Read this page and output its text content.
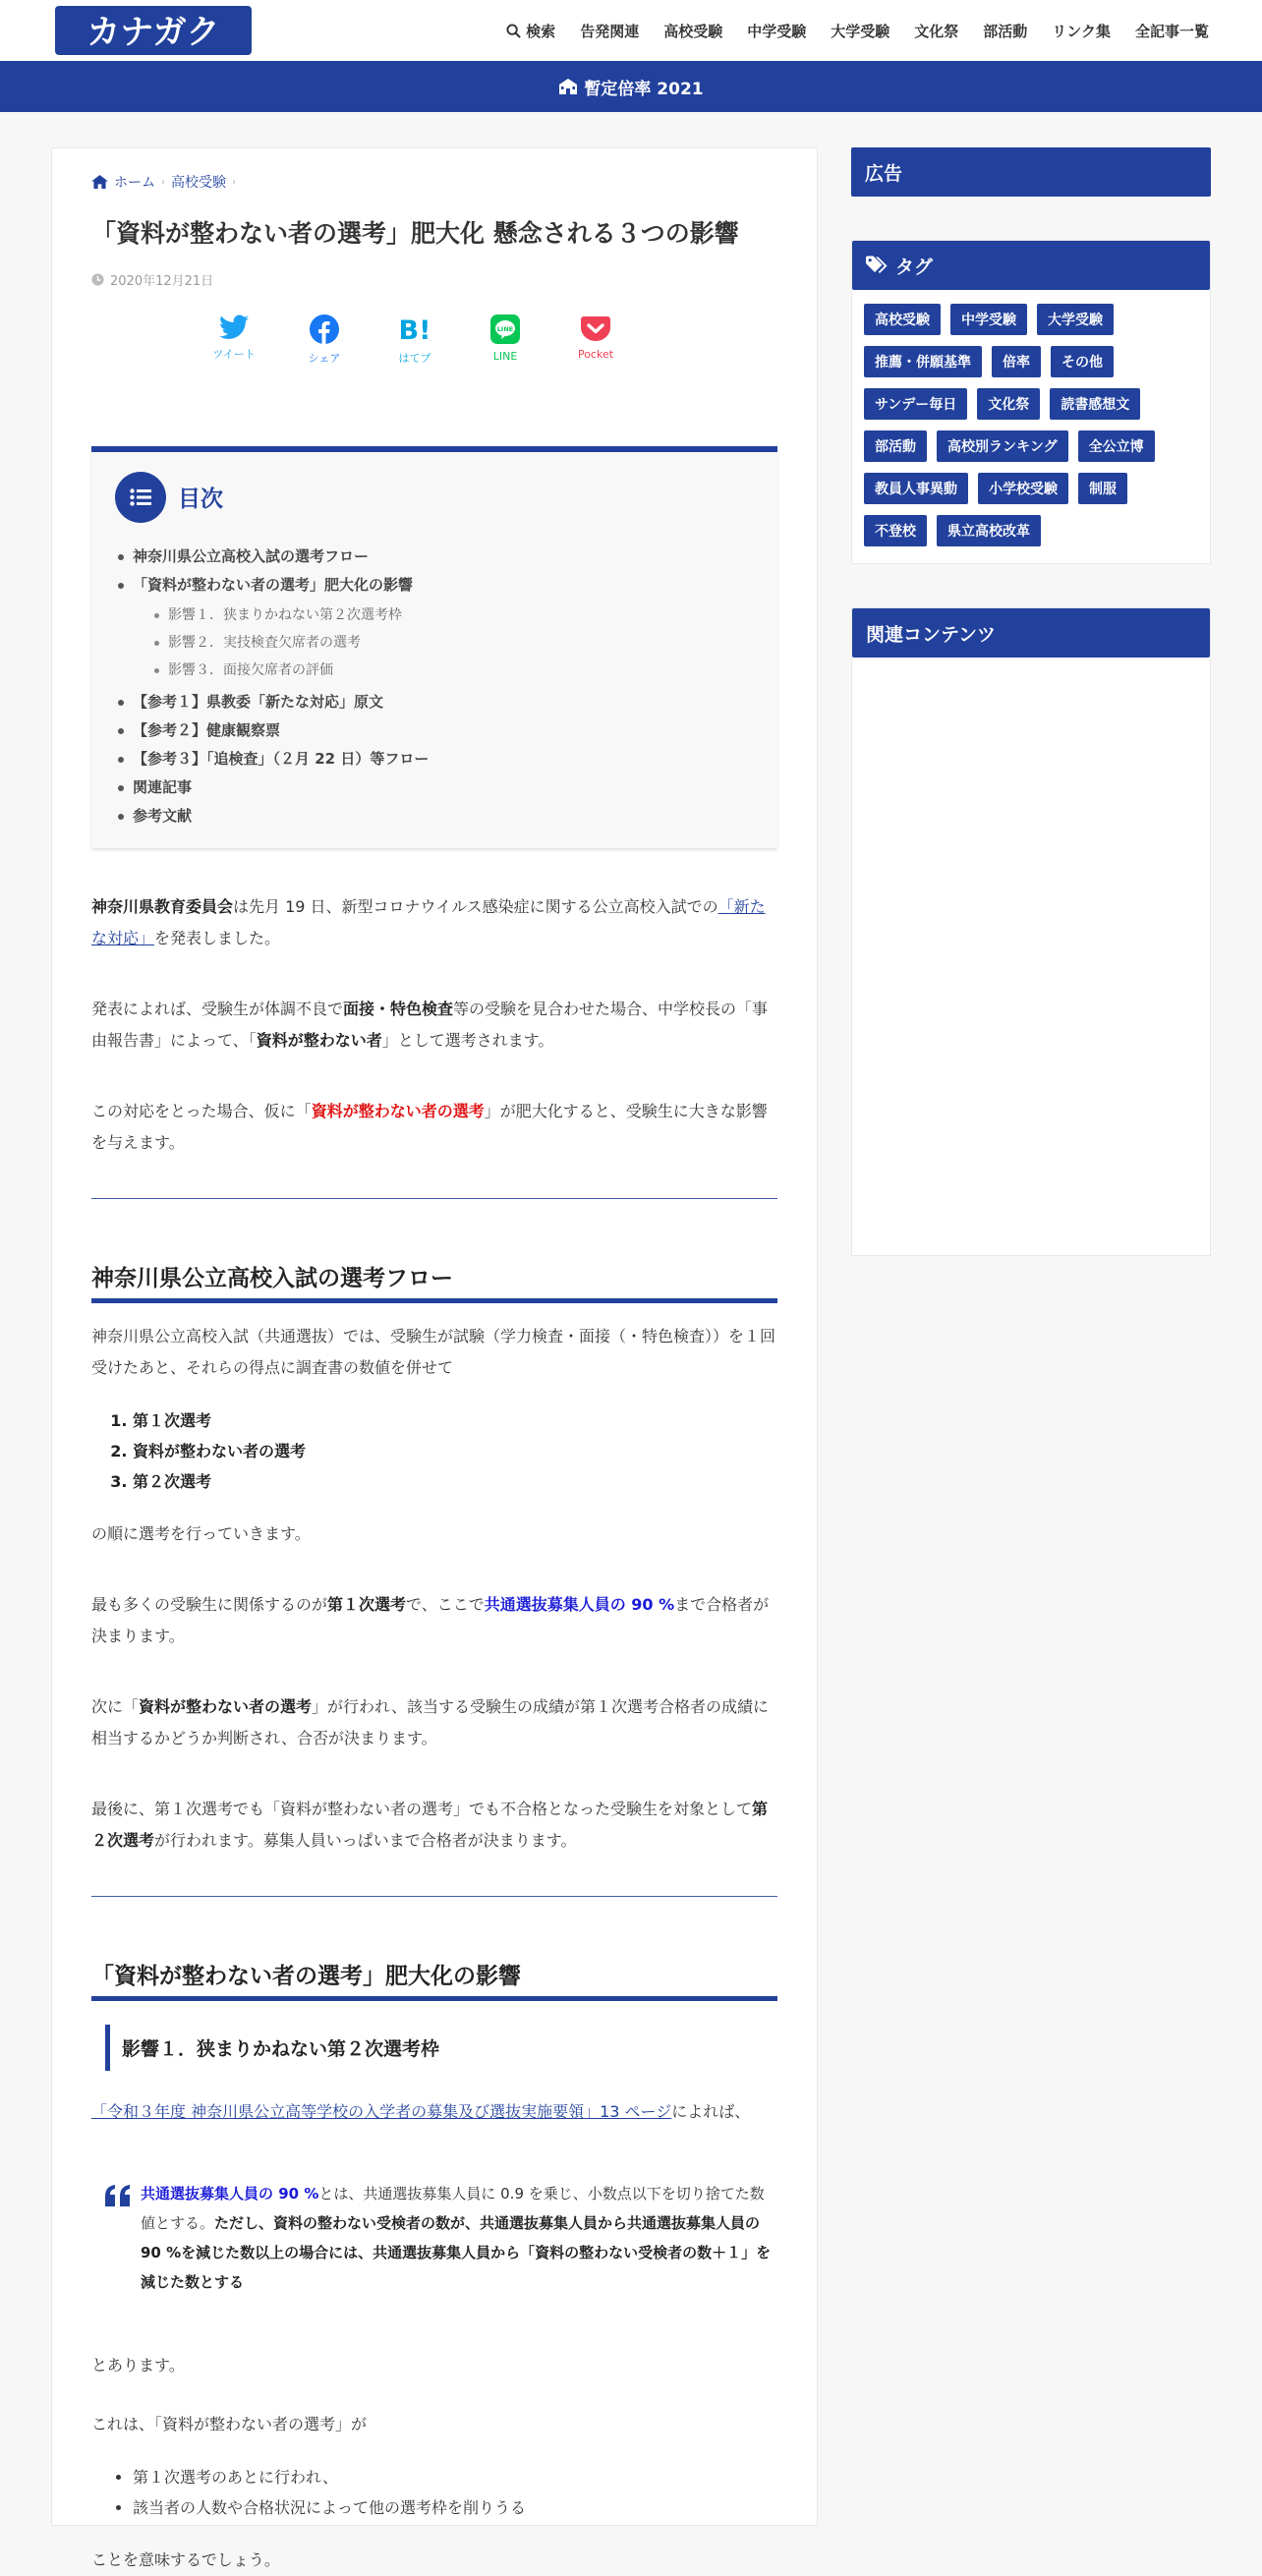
カナガク	検索 告発関連 高校受験 中学受験 大学受験 文化祭 部活動 リンク集 全記事一覧
暫定倍率 2021
ホーム › 高校受験 ›
「資料が整わない者の選考」肥大化 懸念される３つの影響
2020年12月21日
ツイート	シェア
B!
はてブ
LINE
LINE	Pocket
目次
神奈川県公立高校入試の選考フロー
「資料が整わない者の選考」肥大化の影響
影響１．狭まりかねない第２次選考枠
影響２．実技検査欠席者の選考
影響３．面接欠席者の評価
【参考１】県教委「新たな対応」原文
【参考２】健康観察票
【参考３】「追検査」（２月 22 日）等フロー
関連記事
参考文献

神奈川県教育委員会は先月 19 日、新型コロナウイルス感染症に関する公立高校入試での「新たな対応」を発表しました。

発表によれば、受験生が体調不良で面接・特色検査等の受験を見合わせた場合、中学校長の「事由報告書」によって、「資料が整わない者」として選考されます。

この対応をとった場合、仮に「資料が整わない者の選考」が肥大化すると、受験生に大きな影響を与えます。

神奈川県公立高校入試の選考フロー

神奈川県公立高校入試（共通選抜）では、受験生が試験（学力検査・面接（・特色検査））を１回受けたあと、それらの得点に調査書の数値を併せて

1. 第１次選考
2. 資料が整わない者の選考
3. 第２次選考

の順に選考を行っていきます。

最も多くの受験生に関係するのが第１次選考で、ここで共通選抜募集人員の 90 %まで合格者が決まります。

次に「資料が整わない者の選考」が行われ、該当する受験生の成績が第１次選考合格者の成績に相当するかどうか判断され、合否が決まります。

最後に、第１次選考でも「資料が整わない者の選考」でも不合格となった受験生を対象として第２次選考が行われます。募集人員いっぱいまで合格者が決まります。

「資料が整わない者の選考」肥大化の影響
影響１．狭まりかねない第２次選考枠

「令和３年度 神奈川県公立高等学校の入学者の募集及び選抜実施要領」13 ページによれば、

共通選抜募集人員の 90 %とは、共通選抜募集人員に 0.9 を乗じ、小数点以下を切り捨てた数値とする。ただし、資料の整わない受検者の数が、共通選抜募集人員から共通選抜募集人員の 90 %を減じた数以上の場合には、共通選抜募集人員から「資料の整わない受検者の数＋１」を減じた数とする

とあります。

これは、「資料が整わない者の選考」が

• 第１次選考のあとに行われ、
• 該当者の人数や合格状況によって他の選考枠を削りうる

ことを意味するでしょう。

広告
タグ
高校受験	中学受験	大学受験
推薦・併願基準	倍率	その他
サンデー毎日	文化祭	読書感想文
部活動	高校別ランキング	全公立博
教員人事異動	小学校受験	制服
不登校	県立高校改革
関連コンテンツ
